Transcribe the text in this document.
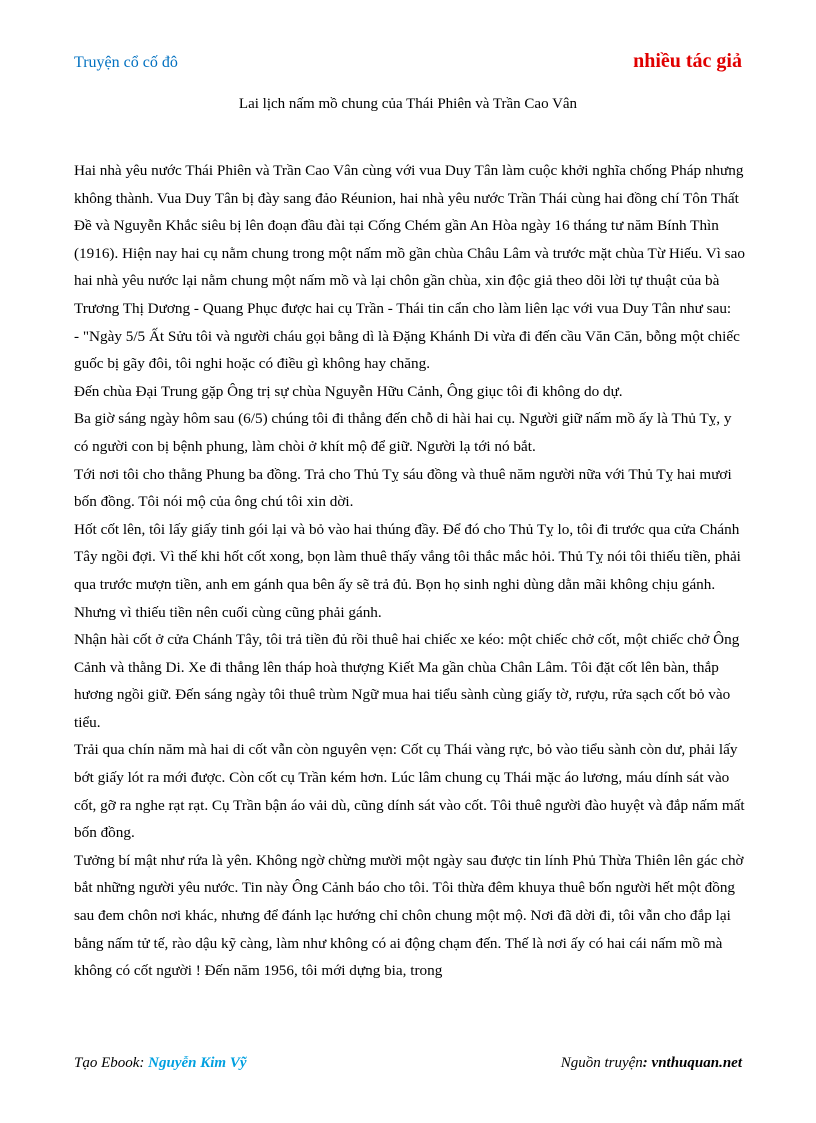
Truyện cổ cố đô	nhiều tác giả
Lai lịch nấm mồ chung của Thái Phiên và Trần Cao Vân

Hai nhà yêu nước Thái Phiên và Trần Cao Vân cùng với vua Duy Tân làm cuộc khởi nghĩa chống Pháp nhưng không thành. Vua Duy Tân bị đày sang đảo Réunion, hai nhà yêu nước Trần Thái cùng hai đồng chí Tôn Thất Đề và Nguyễn Khắc siêu bị lên đoạn đầu đài tại Cống Chém gần An Hòa ngày 16 tháng tư năm Bính Thìn (1916). Hiện nay hai cụ nằm chung trong một nấm mồ gần chùa Châu Lâm và trước mặt chùa Từ Hiếu. Vì sao hai nhà yêu nước lại nằm chung một nấm mồ và lại chôn gần chùa, xin độc giả theo dõi lời tự thuật của bà Trương Thị Dương - Quang Phục được hai cụ Trần - Thái tin cẩn cho làm liên lạc với vua Duy Tân như sau:

- "Ngày 5/5 Ất Sửu tôi và người cháu gọi bằng dì là Đặng Khánh Di vừa đi đến cầu Văn Căn, bỗng một chiếc guốc bị gãy đôi, tôi nghi hoặc có điều gì không hay chăng.

Đến chùa Đại Trung gặp Ông trị sự chùa Nguyễn Hữu Cảnh, Ông giục tôi đi không do dự.

Ba giờ sáng ngày hôm sau (6/5) chúng tôi đi thẳng đến chỗ di hài hai cụ. Người giữ nấm mồ ấy là Thủ Tỵ, y có người con bị bệnh phung, làm chòi ở khít mộ để giữ. Người lạ tới nó bắt.

Tới nơi tôi cho thằng Phung ba đồng. Trả cho Thủ Tỵ sáu đồng và thuê năm người nữa với Thủ Tỵ hai mươi bốn đồng. Tôi nói mộ của ông chú tôi xin dời.

Hốt cốt lên, tôi lấy giấy tinh gói lại và bỏ vào hai thúng đầy. Để đó cho Thủ Tỵ lo, tôi đi trước qua cửa Chánh Tây ngồi đợi. Vì thế khi hốt cốt xong, bọn làm thuê thấy vắng tôi thắc mắc hỏi. Thủ Tỵ nói tôi thiếu tiền, phải qua trước mượn tiền, anh em gánh qua bên ấy sẽ trả đủ. Bọn họ sinh nghi dùng dằn mãi không chịu gánh. Nhưng vì thiếu tiền nên cuối cùng cũng phải gánh.

Nhận hài cốt ở cửa Chánh Tây, tôi trả tiền đủ rồi thuê hai chiếc xe kéo: một chiếc chở cốt, một chiếc chở Ông Cảnh và thằng Di. Xe đi thẳng lên tháp hoà thượng Kiết Ma gần chùa Chân Lâm. Tôi đặt cốt lên bàn, thắp hương ngồi giữ. Đến sáng ngày tôi thuê trùm Ngữ mua hai tiểu sành cùng giấy tờ, rượu, rửa sạch cốt bỏ vào tiểu.

Trải qua chín năm mà hai di cốt vẫn còn nguyên vẹn: Cốt cụ Thái vàng rực, bỏ vào tiểu sành còn dư, phải lấy bớt giấy lót ra mới được. Còn cốt cụ Trần kém hơn. Lúc lâm chung cụ Thái mặc áo lương, máu dính sát vào cốt, gỡ ra nghe rạt rạt. Cụ Trần bận áo vải dù, cũng dính sát vào cốt. Tôi thuê người đào huyệt và đắp nấm mất bốn đồng.

Tưởng bí mật như rứa là yên. Không ngờ chừng mười một ngày sau được tin lính Phủ Thừa Thiên lên gác chờ bắt những người yêu nước. Tin này Ông Cảnh báo cho tôi. Tôi thừa đêm khuya thuê bốn người hết một đồng sau đem chôn nơi khác, nhưng để đánh lạc hướng chỉ chôn chung một mộ. Nơi đã dời đi, tôi vẫn cho đắp lại bằng nấm tử tế, rào dậu kỹ càng, làm như không có ai động chạm đến. Thế là nơi ấy có hai cái nấm mồ mà không có cốt người ! Đến năm 1956, tôi mới dựng bia, trong

Tạo Ebook: Nguyễn Kim Vỹ	Nguồn truyện: vnthuquan.net
